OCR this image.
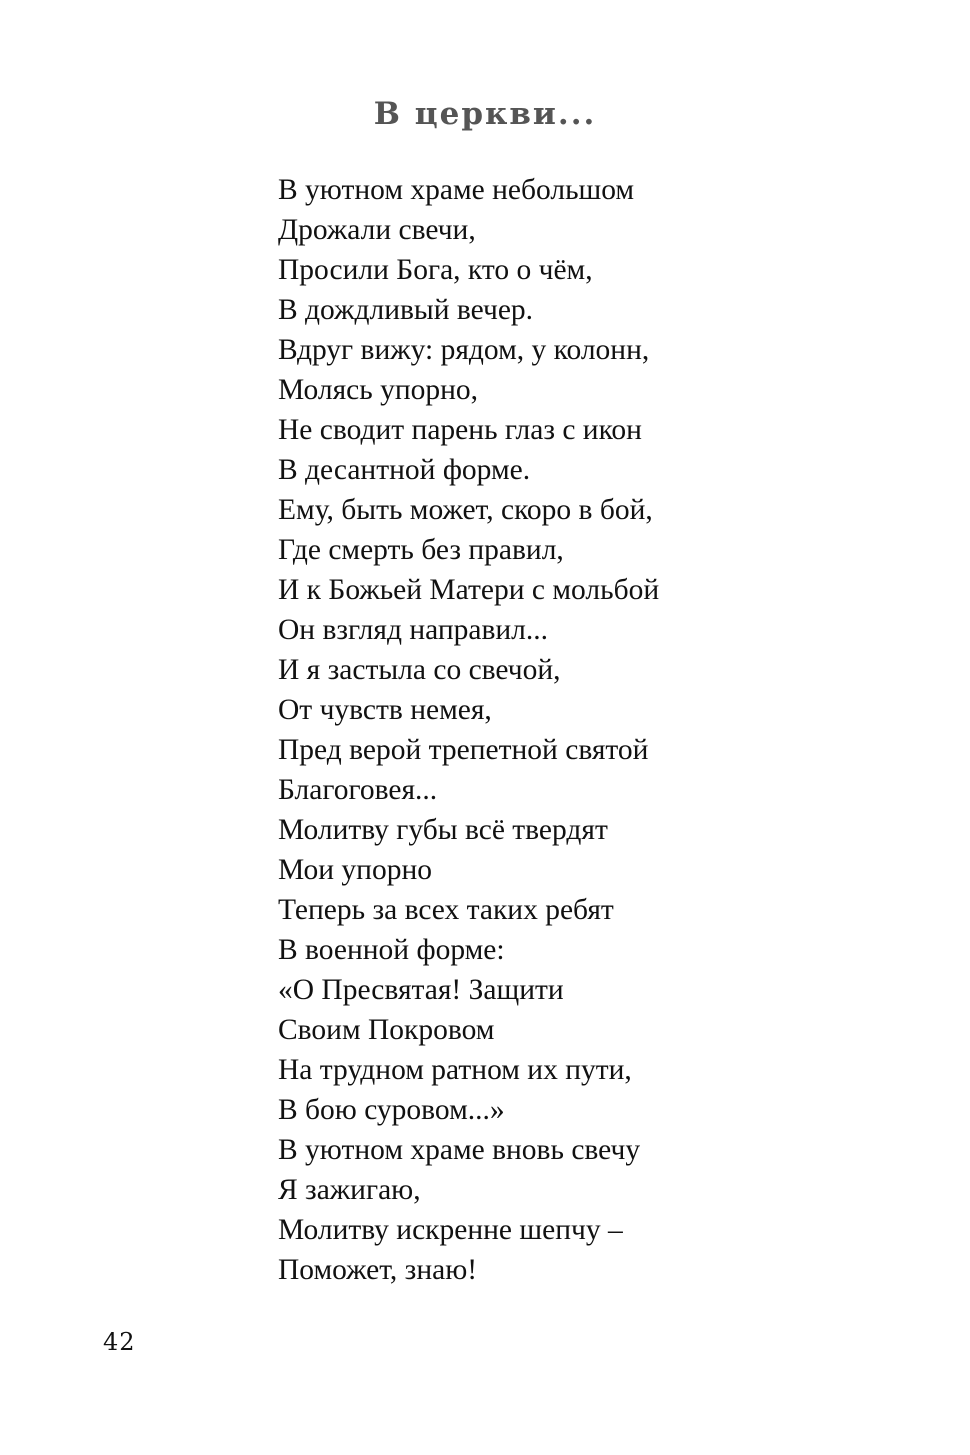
В церкви...
В уютном храме небольшом
Дрожали свечи,
Просили Бога, кто о чём,
В дождливый вечер.
Вдруг вижу: рядом, у колонн,
Молясь упорно,
Не сводит парень глаз с икон
В десантной форме.
Ему, быть может, скоро в бой,
Где смерть без правил,
И к Божьей Матери с мольбой
Он взгляд направил...
И я застыла со свечой,
От чувств немея,
Пред верой трепетной святой
Благоговея...
Молитву губы всё твердят
Мои упорно
Теперь за всех таких ребят
В военной форме:
«О Пресвятая! Защити
Своим Покровом
На трудном ратном их пути,
В бою суровом...»
В уютном храме вновь свечу
Я зажигаю,
Молитву искренне шепчу –
Поможет, знаю!
42
